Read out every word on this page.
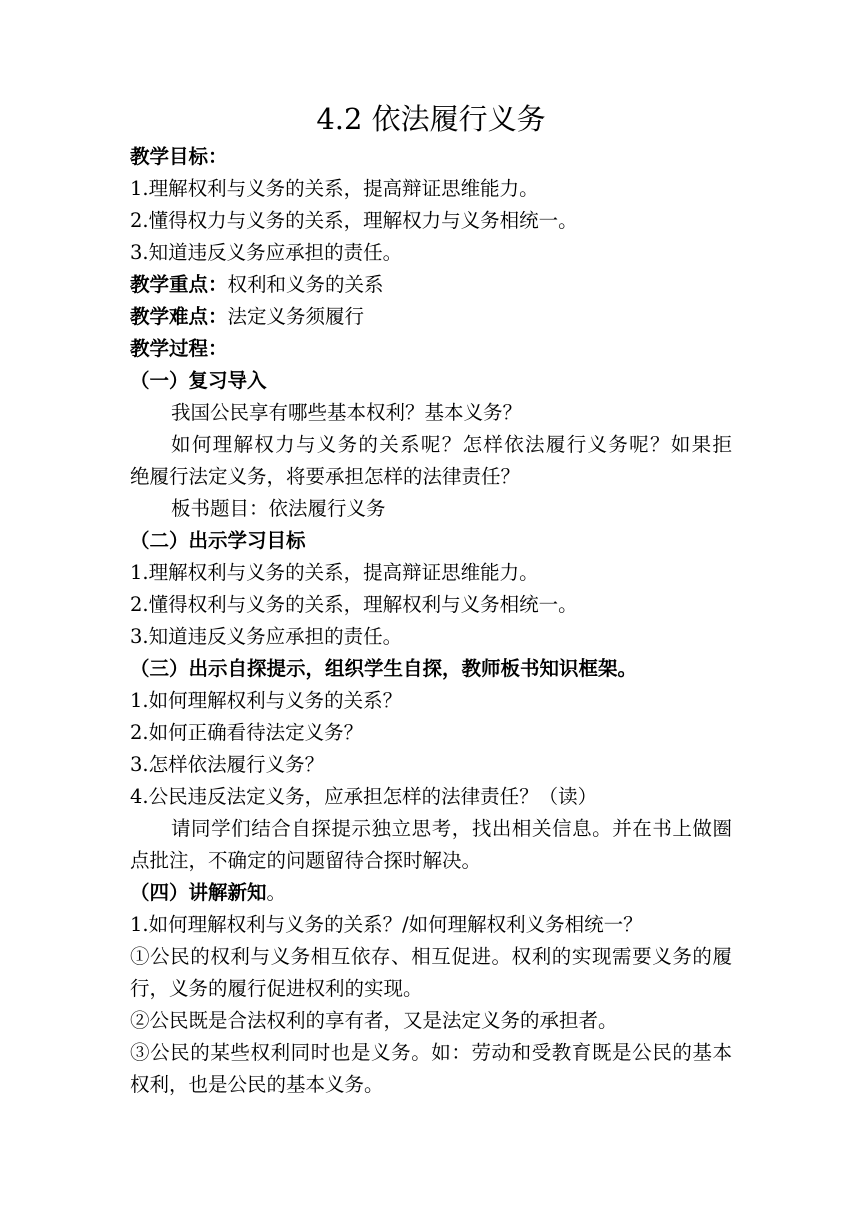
4.2 依法履行义务
教学目标：
1.理解权利与义务的关系，提高辩证思维能力。
2.懂得权力与义务的关系，理解权力与义务相统一。
3.知道违反义务应承担的责任。
教学重点：权利和义务的关系
教学难点：法定义务须履行
教学过程：
（一）复习导入
我国公民享有哪些基本权利？基本义务？
如何理解权力与义务的关系呢？怎样依法履行义务呢？如果拒
绝履行法定义务，将要承担怎样的法律责任？
板书题目：依法履行义务
（二）出示学习目标
1.理解权利与义务的关系，提高辩证思维能力。
2.懂得权利与义务的关系，理解权利与义务相统一。
3.知道违反义务应承担的责任。
（三）出示自探提示，组织学生自探，教师板书知识框架。
1.如何理解权利与义务的关系？
2.如何正确看待法定义务？
3.怎样依法履行义务？
4.公民违反法定义务，应承担怎样的法律责任？（读）
请同学们结合自探提示独立思考，找出相关信息。并在书上做圈
点批注，不确定的问题留待合探时解决。
（四）讲解新知。
1.如何理解权利与义务的关系？/如何理解权利义务相统一？
①公民的权利与义务相互依存、相互促进。权利的实现需要义务的履
行，义务的履行促进权利的实现。
②公民既是合法权利的享有者，又是法定义务的承担者。
③公民的某些权利同时也是义务。如：劳动和受教育既是公民的基本
权利，也是公民的基本义务。
